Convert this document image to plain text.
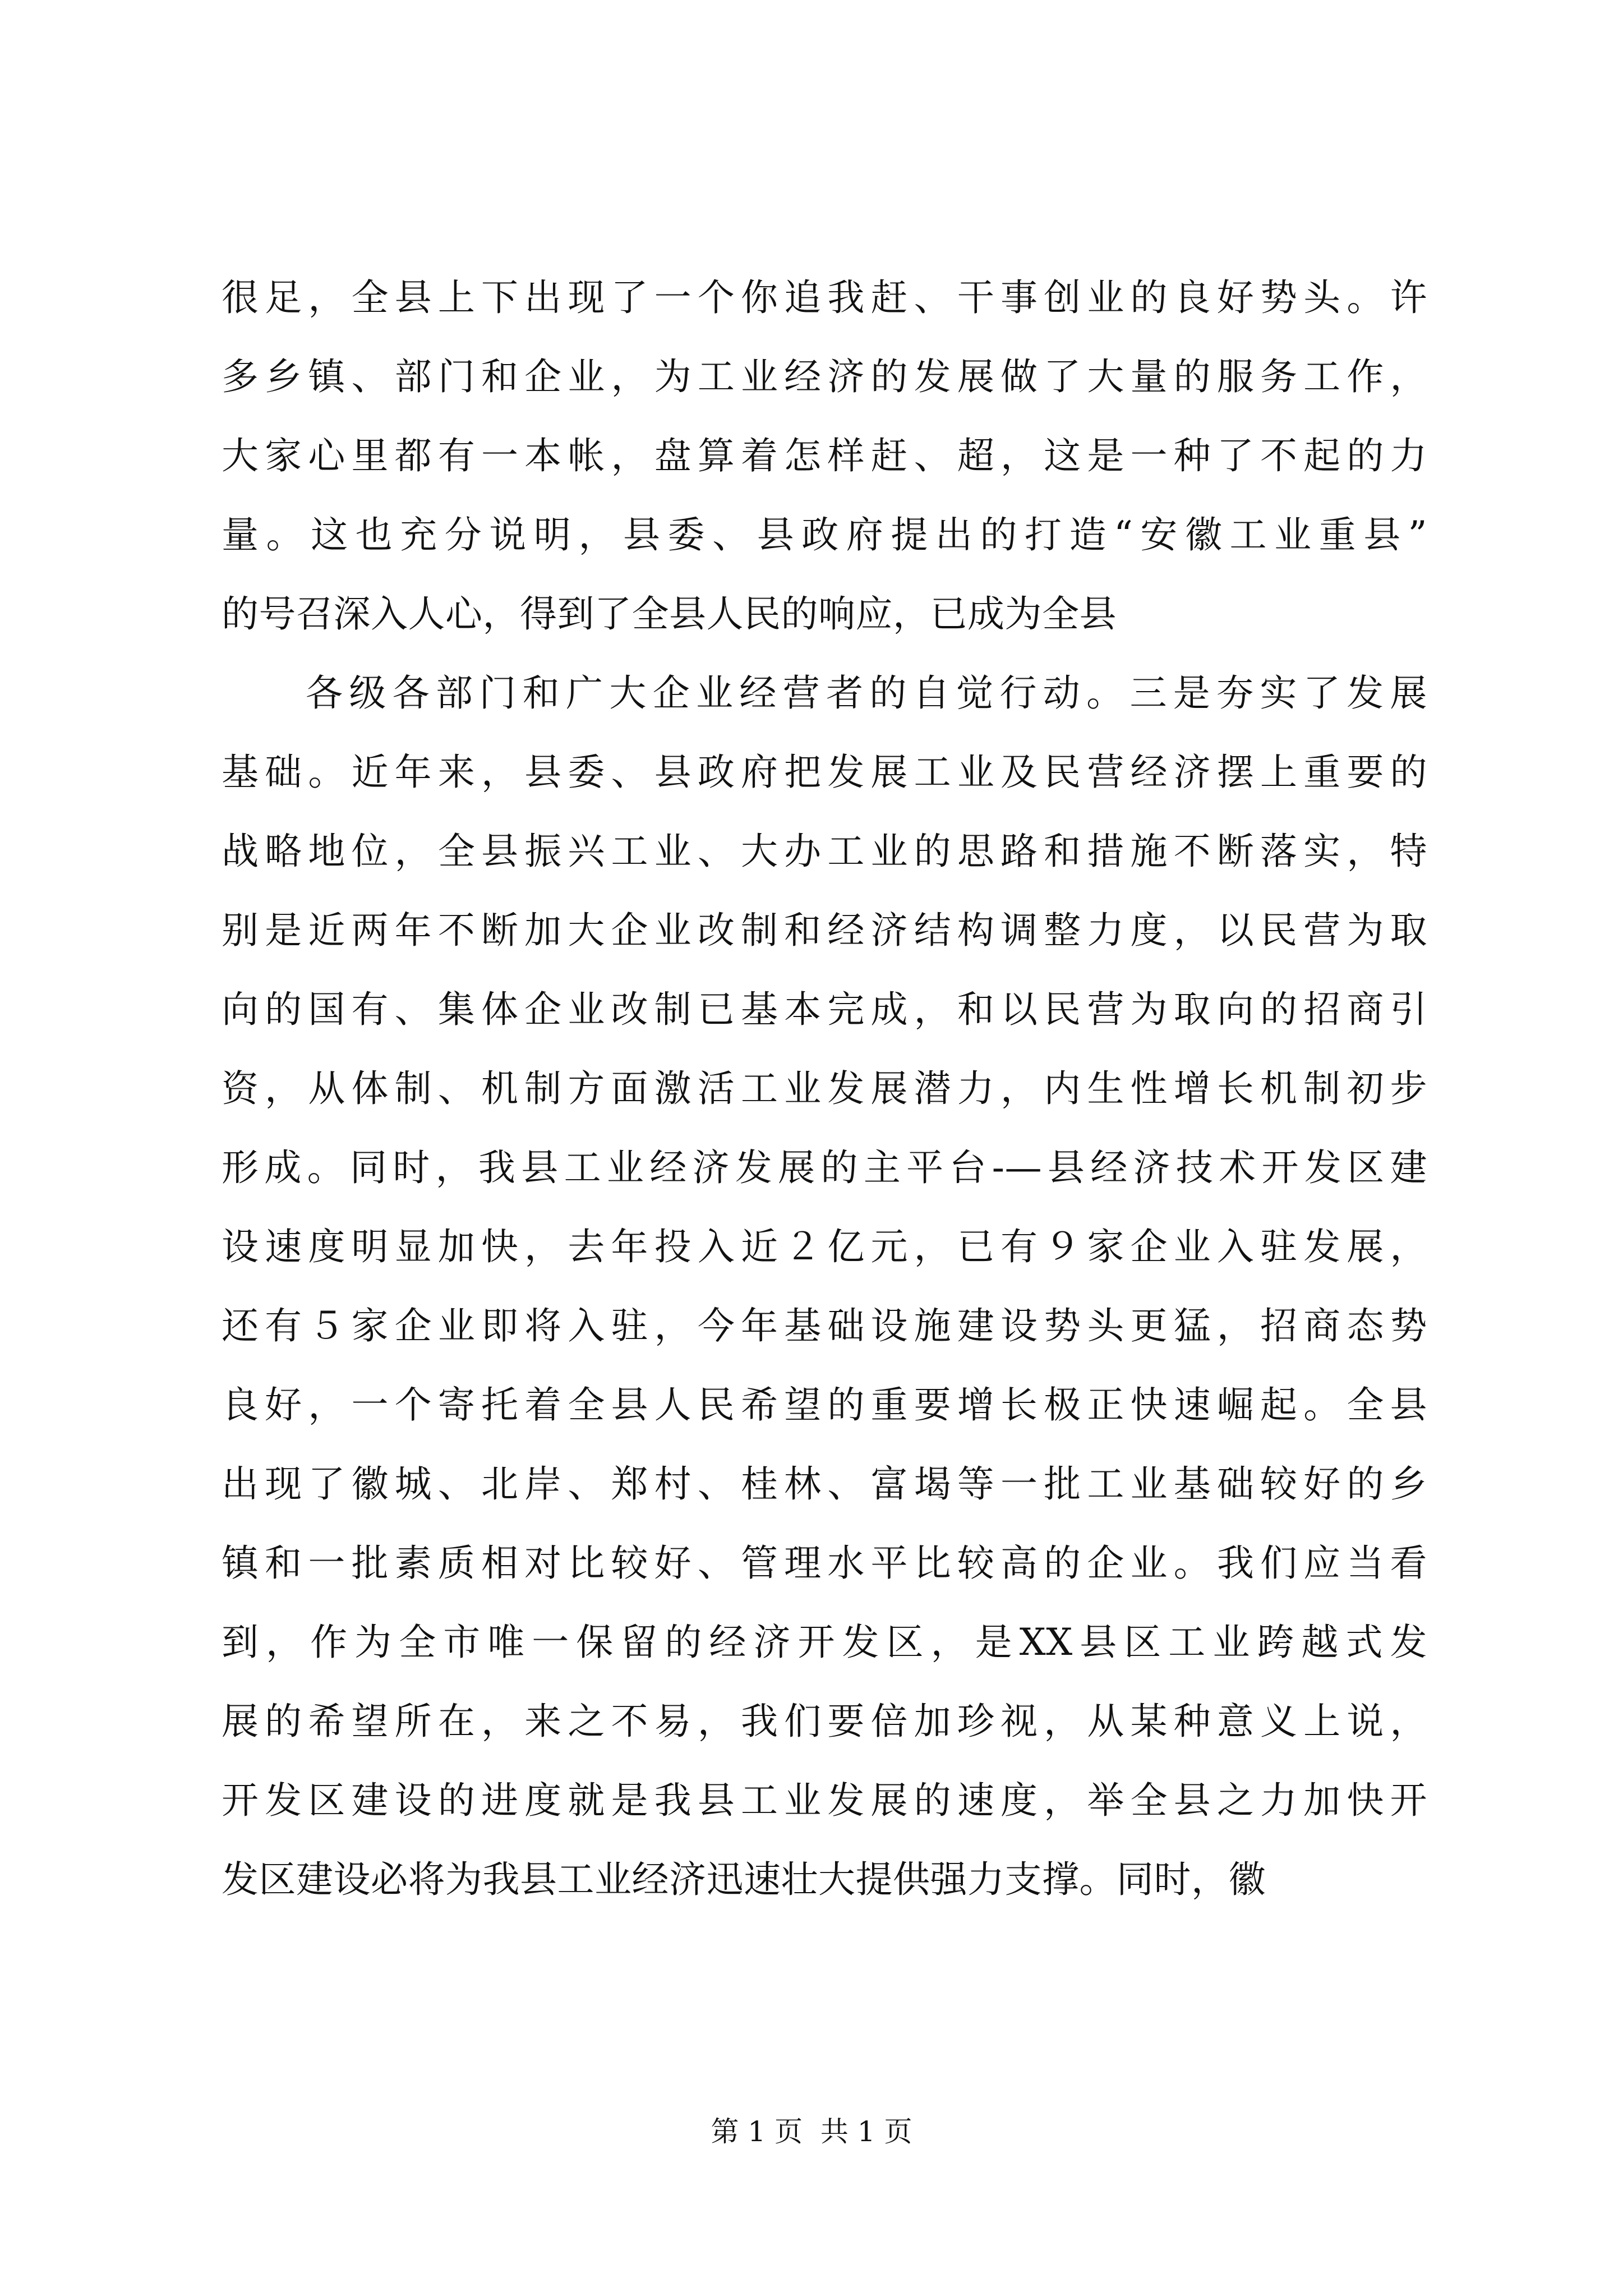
很足，全县上下出现了一个你追我赶、干事创业的良好势头。许
多乡镇、部门和企业，为工业经济的发展做了大量的服务工作，
大家心里都有一本帐，盘算着怎样赶、超，这是一种了不起的力
量。这也充分说明，县委、县政府提出的打造“安徽工业重县”
的号召深入人心，得到了全县人民的响应，已成为全县
各级各部门和广大企业经营者的自觉行动。三是夯实了发展
基础。近年来，县委、县政府把发展工业及民营经济摆上重要的
战略地位，全县振兴工业、大办工业的思路和措施不断落实，特
别是近两年不断加大企业改制和经济结构调整力度，以民营为取
向的国有、集体企业改制已基本完成，和以民营为取向的招商引
资，从体制、机制方面激活工业发展潜力，内生性增长机制初步
形成。同时，我县工业经济发展的主平台-—县经济技术开发区建
设速度明显加快，去年投入近２亿元，已有９家企业入驻发展，
还有５家企业即将入驻，今年基础设施建设势头更猛，招商态势
良好，一个寄托着全县人民希望的重要增长极正快速崛起。全县
出现了徽城、北岸、郑村、桂林、富堨等一批工业基础较好的乡
镇和一批素质相对比较好、管理水平比较高的企业。我们应当看
到，作为全市唯一保留的经济开发区，是XX县区工业跨越式发
展的希望所在，来之不易，我们要倍加珍视，从某种意义上说，
开发区建设的进度就是我县工业发展的速度，举全县之力加快开
发区建设必将为我县工业经济迅速壮大提供强力支撑。同时，徽
第 1 页  共 1 页
